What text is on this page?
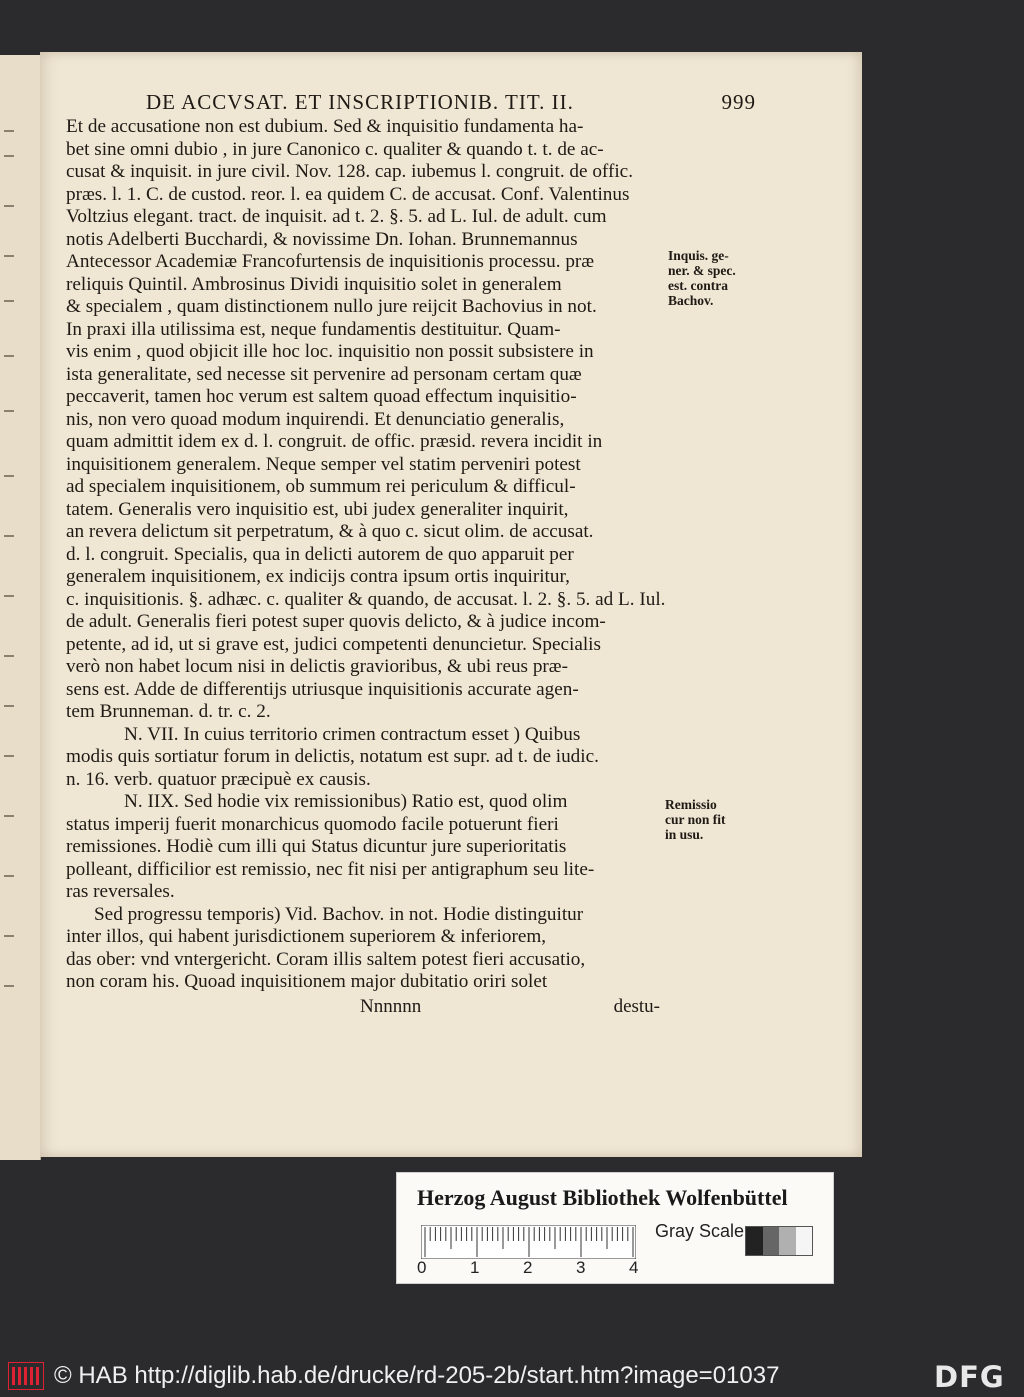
DE ACCVSAT. ET INSCRIPTIONIB. TIT. II.	999
Et de accusatione non est dubium. Sed & inquisitio fundamenta ha-
bet sine omni dubio , in jure Canonico c. qualiter & quando t. t. de ac-
cusat & inquisit. in jure civil. Nov. 128. cap. iubemus l. congruit. de offic.
præs. l. 1. C. de custod. reor. l. ea quidem C. de accusat. Conf. Valentinus
Voltzius elegant. tract. de inquisit. ad t. 2. §. 5. ad L. Iul. de adult. cum
notis Adelberti Bucchardi, & novissime Dn. Iohan. Brunnemannus
Antecessor Academiæ Francofurtensis de inquisitionis processu. præ
reliquis Quintil. Ambrosinus Dividi inquisitio solet in generalem
& specialem , quam distinctionem nullo jure reijcit Bachovius in not.
In praxi illa utilissima est, neque fundamentis destituitur. Quam-
vis enim , quod objicit ille hoc loc. inquisitio non possit subsistere in
ista generalitate, sed necesse sit pervenire ad personam certam quæ
peccaverit, tamen hoc verum est saltem quoad effectum inquisitio-
nis, non vero quoad modum inquirendi. Et denunciatio generalis,
quam admittit idem ex d. l. congruit. de offic. præsid. revera incidit in
inquisitionem generalem. Neque semper vel statim perveniri potest
ad specialem inquisitionem, ob summum rei periculum & difficul-
tatem. Generalis vero inquisitio est, ubi judex generaliter inquirit,
an revera delictum sit perpetratum, & à quo c. sicut olim. de accusat.
d. l. congruit. Specialis, qua in delicti autorem de quo apparuit per
generalem inquisitionem, ex indicijs contra ipsum ortis inquiritur,
c. inquisitionis. §. adhæc. c. qualiter & quando, de accusat. l. 2. §. 5. ad L. Iul.
de adult. Generalis fieri potest super quovis delicto, & à judice incom-
petente, ad id, ut si grave est, judici competenti denuncietur. Specialis
verò non habet locum nisi in delictis gravioribus, & ubi reus præ-
sens est. Adde de differentijs utriusque inquisitionis accurate agen-
tem Brunneman. d. tr. c. 2.
N. VII. In cuius territorio crimen contractum esset ) Quibus
modis quis sortiatur forum in delictis, notatum est supr. ad t. de iudic.
n. 16. verb. quatuor præcipuè ex causis.
N. IIX. Sed hodie vix remissionibus) Ratio est, quod olim
status imperij fuerit monarchicus quomodo facile potuerunt fieri
remissiones. Hodiè cum illi qui Status dicuntur jure superioritatis
polleant, difficilior est remissio, nec fit nisi per antigraphum seu lite-
ras reversales.
Sed progressu temporis) Vid. Bachov. in not. Hodie distinguitur
inter illos, qui habent jurisdictionem superiorem & inferiorem,
das ober: vnd vntergericht. Coram illis saltem potest fieri accusatio,
non coram his. Quoad inquisitionem major dubitatio oriri solet
Inquis. ge-
ner. & spec.
est. contra
Bachov.
Remissio
cur non fit
in usu.
Nnnnnn	destu-
Herzog August Bibliothek Wolfenbüttel
Gray Scale
0	1	2	3	4
© HAB http://diglib.hab.de/drucke/rd-205-2b/start.htm?image=01037	DFG
